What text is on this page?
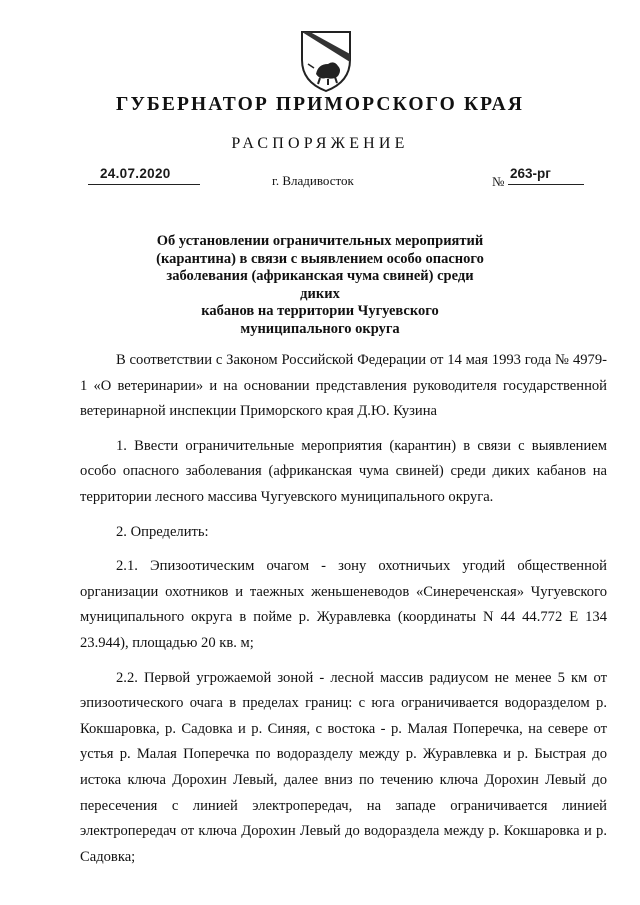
ГУБЕРНАТОР ПРИМОРСКОГО КРАЯ
РАСПОРЯЖЕНИЕ
24.07.2020	г. Владивосток	№
263-рг
Об установлении ограничительных мероприятий
(карантина) в связи с выявлением особо опасного
заболевания (африканская чума свиней) среди диких
кабанов на территории Чугуевского
муниципального округа

В соответствии с Законом Российской Федерации от 14 мая 1993 года № 4979-1 «О ветеринарии» и на основании представления руководителя государственной ветеринарной инспекции Приморского края Д.Ю. Кузина

1. Ввести ограничительные мероприятия (карантин) в связи с выявлением особо опасного заболевания (африканская чума свиней) среди диких кабанов на территории лесного массива Чугуевского муниципального округа.

2. Определить:

2.1. Эпизоотическим очагом - зону охотничьих угодий общественной организации охотников и таежных женьшеневодов «Синереченская» Чугуевского муниципального округа в пойме р. Журавлевка (координаты N 44 44.772 E 134 23.944), площадью 20 кв. м;

2.2. Первой угрожаемой зоной - лесной массив радиусом не менее 5 км от эпизоотического очага в пределах границ: с юга ограничивается водоразделом р. Кокшаровка, р. Садовка и р. Синяя, с востока - р. Малая Поперечка, на севере от устья р. Малая Поперечка по водоразделу между р. Журавлевка и р. Быстрая до истока ключа Дорохин Левый, далее вниз по течению ключа Дорохин Левый до пересечения с линией электропередач, на западе ограничивается линией электропередач от ключа Дорохин Левый до водораздела между р. Кокшаровка и р. Садовка;
